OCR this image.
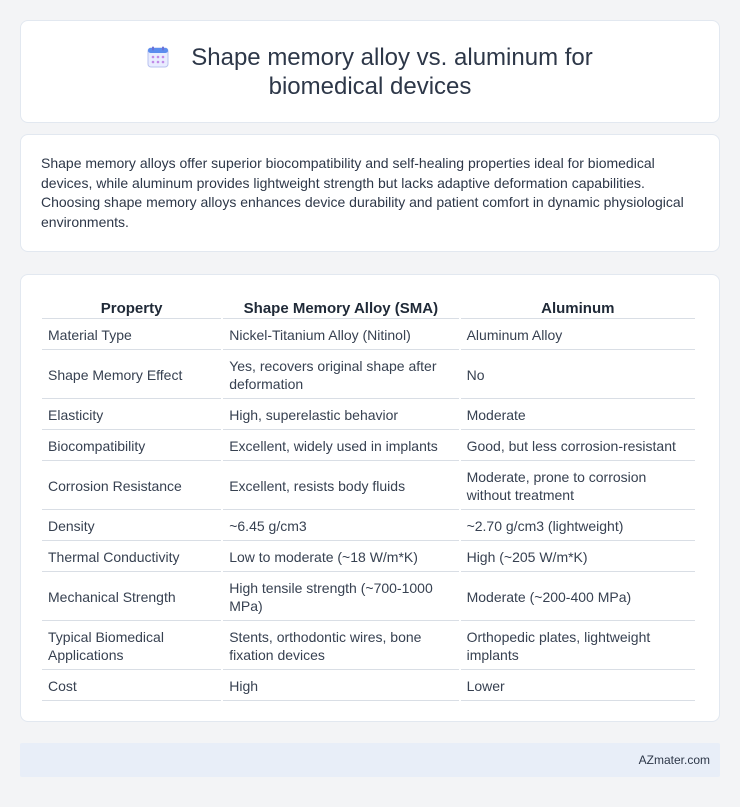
Shape memory alloy vs. aluminum for biomedical devices

Shape memory alloys offer superior biocompatibility and self-healing properties ideal for biomedical devices, while aluminum provides lightweight strength but lacks adaptive deformation capabilities. Choosing shape memory alloys enhances device durability and patient comfort in dynamic physiological environments.

Property	Shape Memory Alloy (SMA)	Aluminum
Material Type	Nickel-Titanium Alloy (Nitinol)	Aluminum Alloy
Shape Memory Effect	Yes, recovers original shape after deformation	No
Elasticity	High, superelastic behavior	Moderate
Biocompatibility	Excellent, widely used in implants	Good, but less corrosion-resistant
Corrosion Resistance	Excellent, resists body fluids	Moderate, prone to corrosion without treatment
Density	~6.45 g/cm3	~2.70 g/cm3 (lightweight)
Thermal Conductivity	Low to moderate (~18 W/m*K)	High (~205 W/m*K)
Mechanical Strength	High tensile strength (~700-1000 MPa)	Moderate (~200-400 MPa)
Typical Biomedical Applications	Stents, orthodontic wires, bone fixation devices	Orthopedic plates, lightweight implants
Cost	High	Lower
AZmater.com
